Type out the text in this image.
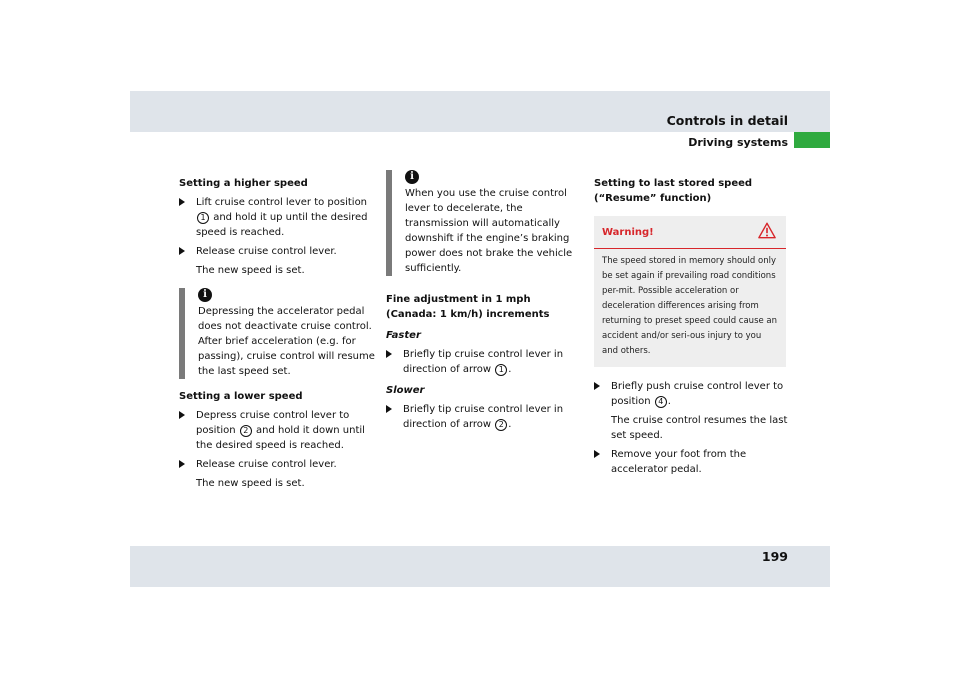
Controls in detail
Driving systems
Setting a higher speed
Lift cruise control lever to position 1 and hold it up until the desired speed is reached.
Release cruise control lever.
The new speed is set.
i
Depressing the accelerator pedal does not deactivate cruise control. After brief acceleration (e.g. for passing), cruise control will resume the last speed set.
Setting a lower speed
Depress cruise control lever to position 2 and hold it down until the desired speed is reached.
Release cruise control lever.
The new speed is set.
i
When you use the cruise control lever to decelerate, the transmission will automatically downshift if the engine’s braking power does not brake the vehicle sufficiently.
Fine adjustment in 1 mph
(Canada: 1 km/h) increments
Faster
Briefly tip cruise control lever in direction of arrow 1 .
Slower
Briefly tip cruise control lever in direction of arrow 2 .
Setting to last stored speed
(“Resume” function)
Warning!
The speed stored in memory should only be set again if prevailing road conditions per-mit. Possible acceleration or deceleration differences arising from returning to preset speed could cause an accident and/or seri-ous injury to you and others.
Briefly push cruise control lever to position 4 .
The cruise control resumes the last set speed.
Remove your foot from the accelerator pedal.
199
